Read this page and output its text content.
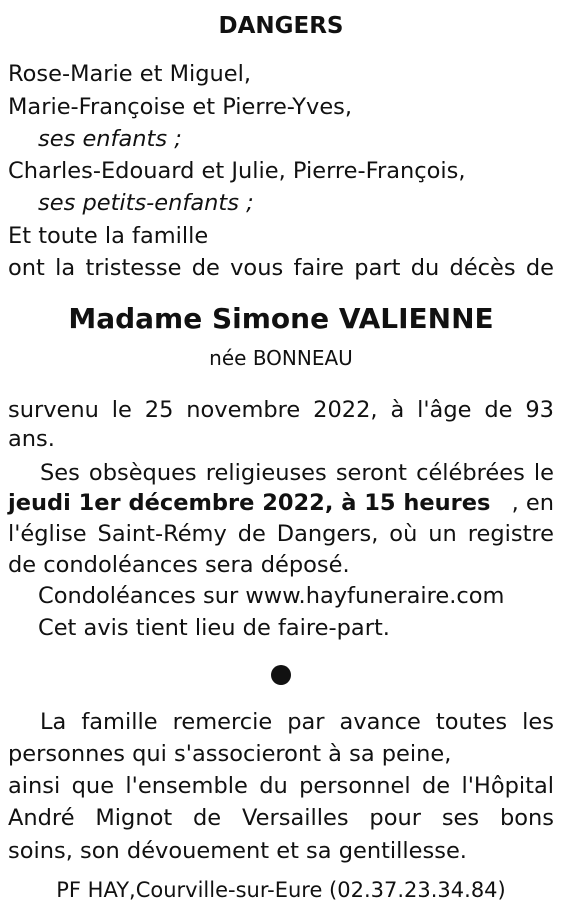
DANGERS
Rose-Marie et Miguel,
Marie-Françoise et Pierre-Yves,
ses enfants ;
Charles-Edouard et Julie, Pierre-François,
ses petits-enfants ;
Et toute la famille
ont la tristesse de vous faire part du décès de
Madame Simone VALIENNE
née BONNEAU
survenu le 25 novembre 2022, à l'âge de 93
ans.
Ses obsèques religieuses seront célébrées le
jeudi 1er décembre 2022, à 15 heures , en
l'église Saint-Rémy de Dangers, où un registre
de condoléances sera déposé.
Condoléances sur www.hayfuneraire.com
Cet avis tient lieu de faire-part.
La famille remercie par avance toutes les
personnes qui s'associeront à sa peine,
ainsi que l'ensemble du personnel de l'Hôpital
André Mignot de Versailles pour ses bons
soins, son dévouement et sa gentillesse.
PF HAY,Courville-sur-Eure (02.37.23.34.84)
